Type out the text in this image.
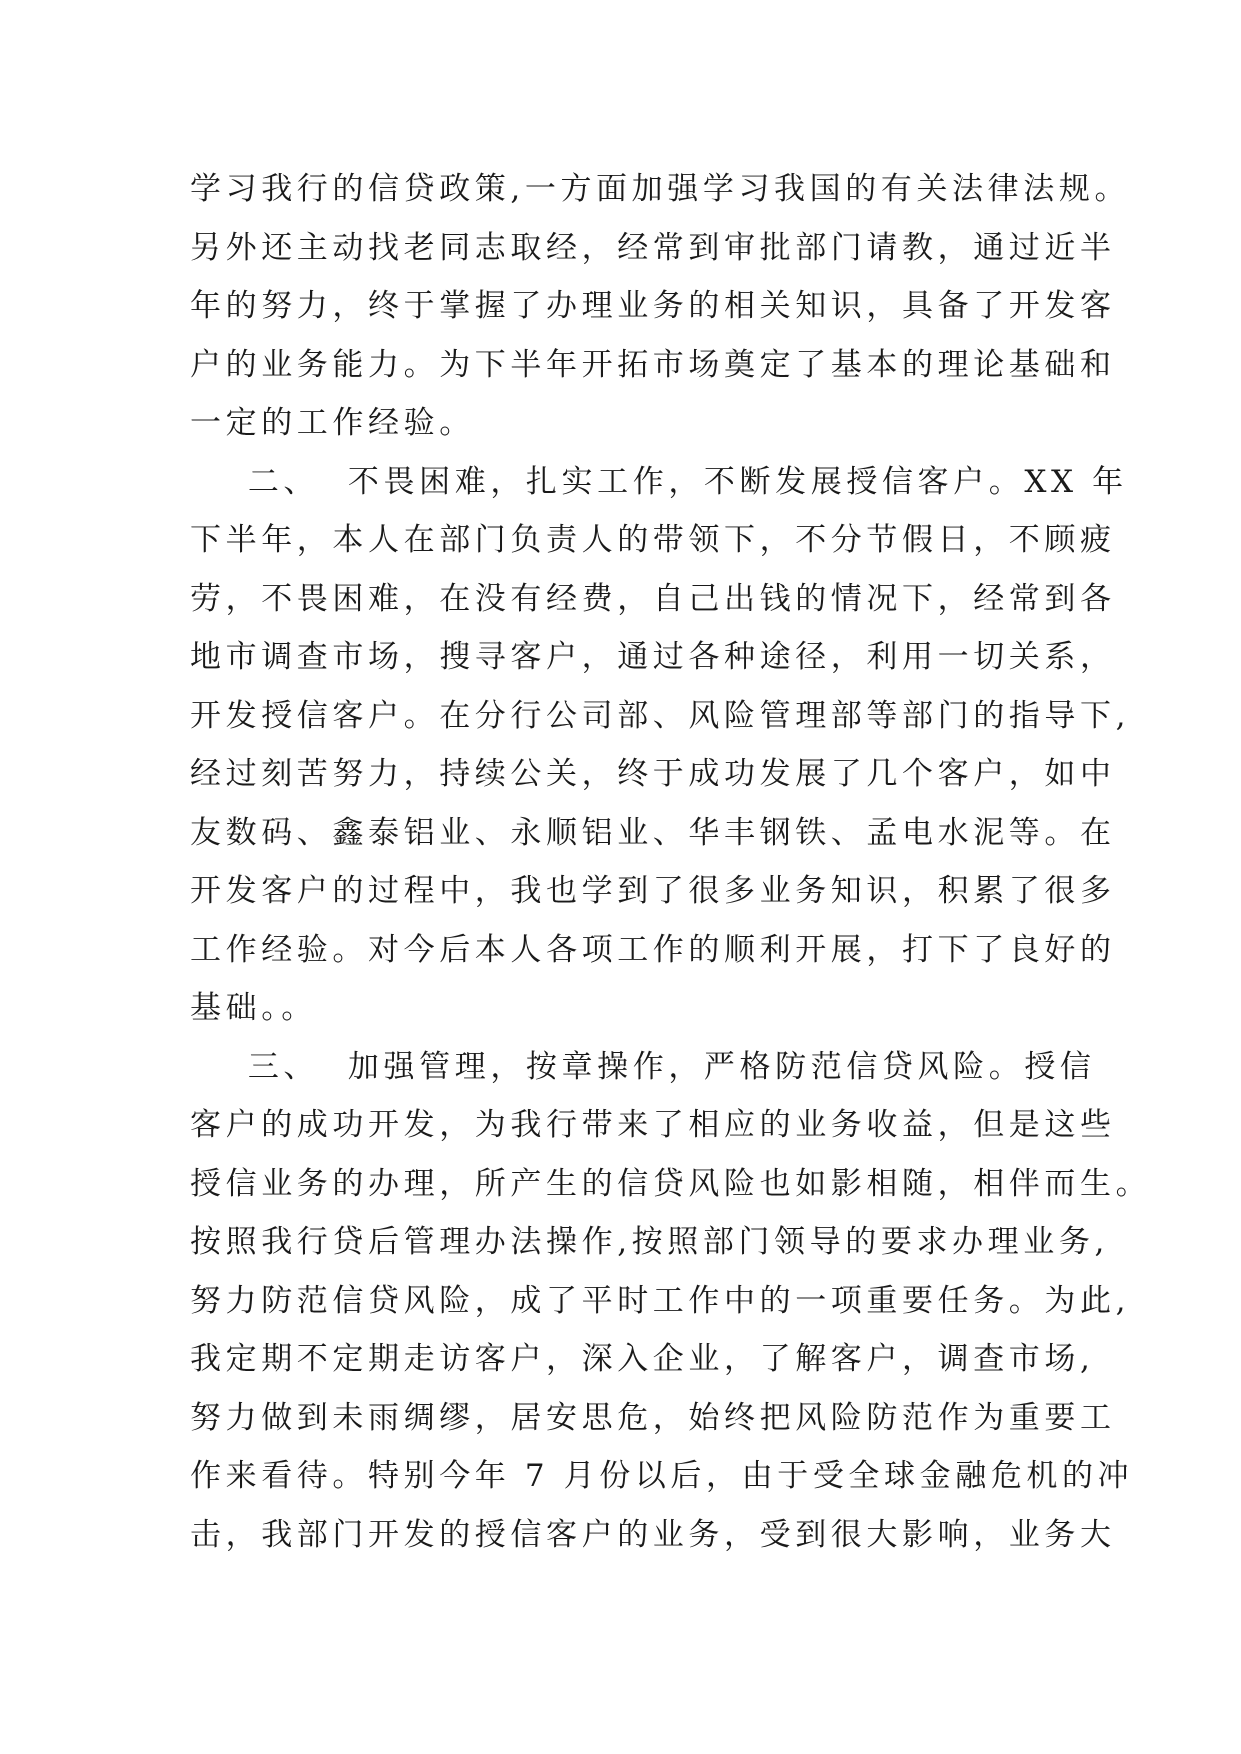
学习我行的信贷政策,一方面加强学习我国的有关法律法规。
另外还主动找老同志取经，经常到审批部门请教，通过近半
年的努力，终于掌握了办理业务的相关知识，具备了开发客
户的业务能力。为下半年开拓市场奠定了基本的理论基础和
一定的工作经验。
二、  不畏困难，扎实工作，不断发展授信客户。XX 年
下半年，本人在部门负责人的带领下，不分节假日，不顾疲
劳，不畏困难，在没有经费，自己出钱的情况下，经常到各
地市调查市场，搜寻客户，通过各种途径，利用一切关系，
开发授信客户。在分行公司部、风险管理部等部门的指导下,
经过刻苦努力，持续公关，终于成功发展了几个客户，如中
友数码、鑫泰铝业、永顺铝业、华丰钢铁、孟电水泥等。在
开发客户的过程中，我也学到了很多业务知识，积累了很多
工作经验。对今后本人各项工作的顺利开展，打下了良好的
基础。。
三、  加强管理，按章操作，严格防范信贷风险。授信
客户的成功开发，为我行带来了相应的业务收益，但是这些
授信业务的办理，所产生的信贷风险也如影相随，相伴而生。
按照我行贷后管理办法操作,按照部门领导的要求办理业务,
努力防范信贷风险，成了平时工作中的一项重要任务。为此,
我定期不定期走访客户，深入企业，了解客户，调查市场,
努力做到未雨绸缪，居安思危，始终把风险防范作为重要工
作来看待。特别今年 7 月份以后，由于受全球金融危机的冲
击，我部门开发的授信客户的业务，受到很大影响，业务大
